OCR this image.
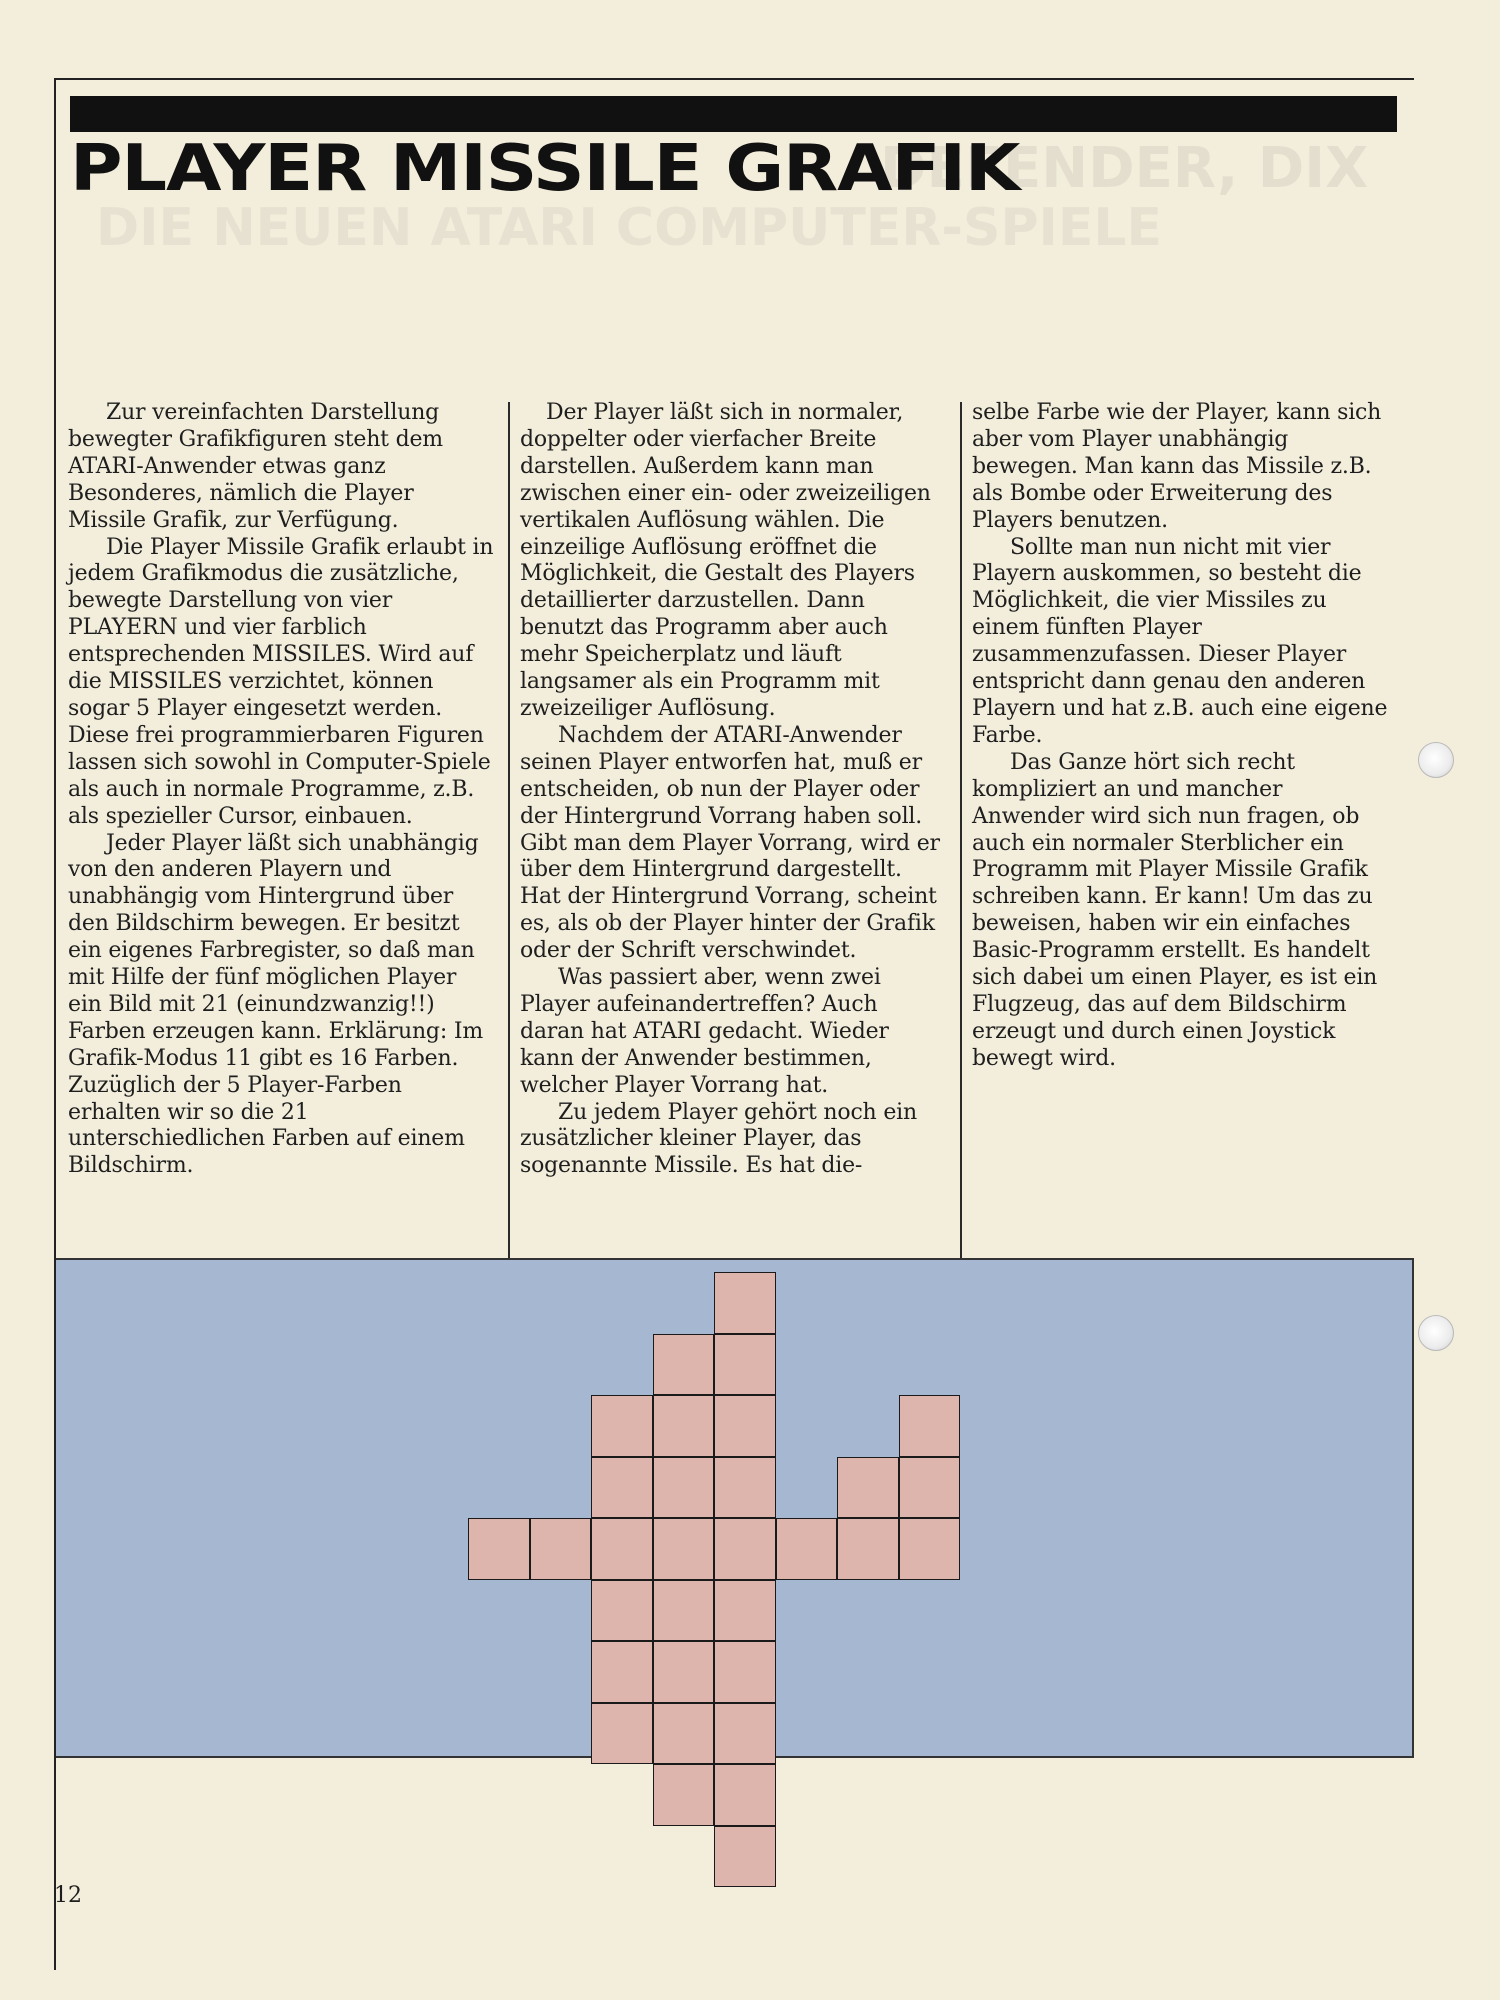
DEFENDER, DIX
DIE NEUEN ATARI COMPUTER-SPIELE
PLAYER MISSILE GRAFIK

Zur vereinfachten Darstellung bewegter Grafikfiguren steht dem ATARI-Anwender etwas ganz Besonderes, nämlich die Player Missile Grafik, zur Verfügung.

Die Player Missile Grafik erlaubt in jedem Grafikmodus die zusätzliche, bewegte Darstellung von vier PLAYERN und vier farblich entsprechenden MISSILES. Wird auf die MISSILES verzichtet, können sogar 5 Player eingesetzt werden. Diese frei programmierbaren Figuren lassen sich sowohl in Computer-Spiele als auch in normale Programme, z.B. als spezieller Cursor, einbauen.

Jeder Player läßt sich unabhängig von den anderen Playern und unabhängig vom Hintergrund über den Bildschirm bewegen. Er besitzt ein eigenes Farbregister, so daß man mit Hilfe der fünf möglichen Player ein Bild mit 21 (einundzwanzig!!) Farben erzeugen kann. Erklärung: Im Grafik-Modus 11 gibt es 16 Farben. Zuzüglich der 5 Player-Farben erhalten wir so die 21 unterschiedlichen Farben auf einem Bildschirm.

Der Player läßt sich in normaler, doppelter oder vierfacher Breite darstellen. Außerdem kann man zwischen einer ein- oder zweizeiligen vertikalen Auflösung wählen. Die einzeilige Auflösung eröffnet die Möglichkeit, die Gestalt des Players detaillierter darzustellen. Dann benutzt das Programm aber auch mehr Speicherplatz und läuft langsamer als ein Programm mit zweizeiliger Auflösung.

Nachdem der ATARI-Anwender seinen Player entworfen hat, muß er entscheiden, ob nun der Player oder der Hintergrund Vorrang haben soll. Gibt man dem Player Vorrang, wird er über dem Hintergrund dargestellt. Hat der Hintergrund Vorrang, scheint es, als ob der Player hinter der Grafik oder der Schrift verschwindet.

Was passiert aber, wenn zwei Player aufeinandertreffen? Auch daran hat ATARI gedacht. Wieder kann der Anwender bestimmen, welcher Player Vorrang hat.

Zu jedem Player gehört noch ein zusätzlicher kleiner Player, das sogenannte Missile. Es hat die-

selbe Farbe wie der Player, kann sich aber vom Player unabhängig bewegen. Man kann das Missile z.B. als Bombe oder Erweiterung des Players benutzen.

Sollte man nun nicht mit vier Playern auskommen, so besteht die Möglichkeit, die vier Missiles zu einem fünften Player zusammenzufassen. Dieser Player entspricht dann genau den anderen Playern und hat z.B. auch eine eigene Farbe.

Das Ganze hört sich recht kompliziert an und mancher Anwender wird sich nun fragen, ob auch ein normaler Sterblicher ein Programm mit Player Missile Grafik schreiben kann. Er kann! Um das zu beweisen, haben wir ein einfaches Basic-Programm erstellt. Es handelt sich dabei um einen Player, es ist ein Flugzeug, das auf dem Bildschirm erzeugt und durch einen Joystick bewegt wird.

12
